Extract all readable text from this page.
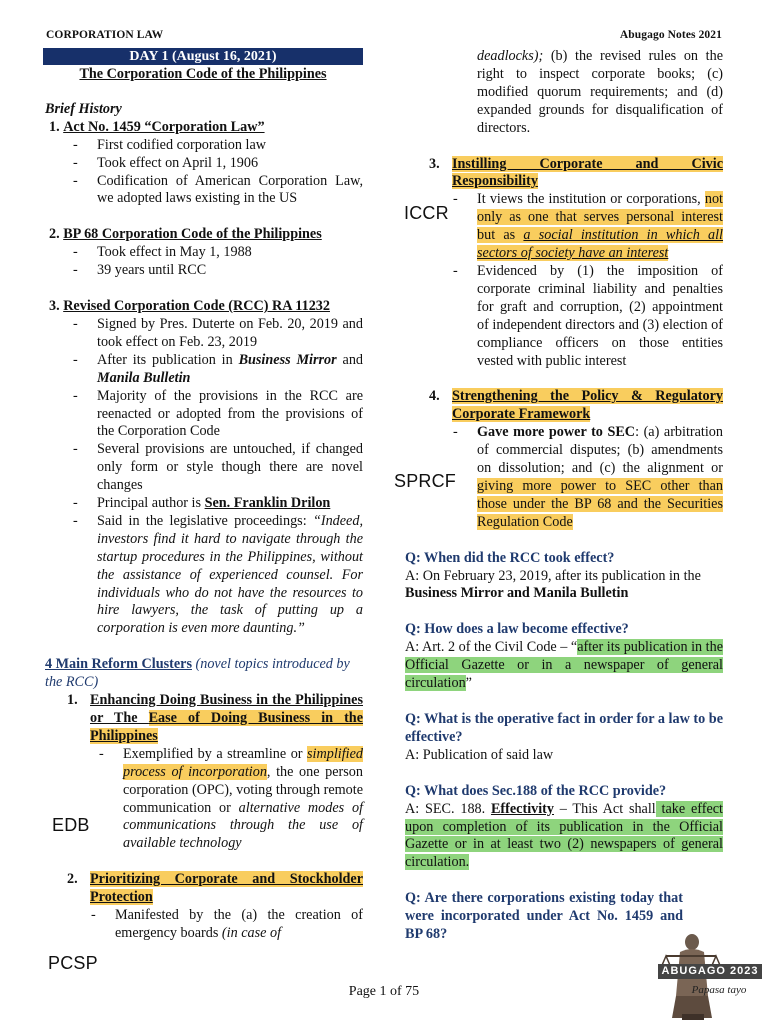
CORPORATION LAW	Abugago Notes 2021
DAY 1 (August 16, 2021)
The Corporation Code of the Philippines
Brief History
1. Act No. 1459 “Corporation Law”
- First codified corporation law
- Took effect on April 1, 1906
- Codification of American Corporation Law, we adopted laws existing in the US
2. BP 68 Corporation Code of the Philippines
- Took effect in May 1, 1988
- 39 years until RCC
3. Revised Corporation Code (RCC) RA 11232
- Signed by Pres. Duterte on Feb. 20, 2019 and took effect on Feb. 23, 2019
- After its publication in Business Mirror and Manila Bulletin
- Majority of the provisions in the RCC are reenacted or adopted from the provisions of the Corporation Code
- Several provisions are untouched, if changed only form or style though there are novel changes
- Principal author is Sen. Franklin Drilon
- Said in the legislative proceedings: “Indeed, investors find it hard to navigate through the startup procedures in the Philippines, without the assistance of experienced counsel. For individuals who do not have the resources to hire lawyers, the task of putting up a corporation is even more daunting.”
4 Main Reform Clusters (novel topics introduced by the RCC)
1. Enhancing Doing Business in the Philippines or The Ease of Doing Business in the Philippines
- Exemplified by a streamline or simplified process of incorporation, the one person corporation (OPC), voting through remote communication or alternative modes of communications through the use of available technology
2. Prioritizing Corporate and Stockholder Protection
- Manifested by the (a) the creation of emergency boards (in case of
EDB
PCSP
deadlocks); (b) the revised rules on the right to inspect corporate books; (c) modified quorum requirements; and (d) expanded grounds for disqualification of directors.
3. Instilling Corporate and Civic Responsibility
- It views the institution or corporations, not only as one that serves personal interest but as a social institution in which all sectors of society have an interest
- Evidenced by (1) the imposition of corporate criminal liability and penalties for graft and corruption, (2) appointment of independent directors and (3) election of compliance officers on those entities vested with public interest
4. Strengthening the Policy & Regulatory Corporate Framework
- Gave more power to SEC: (a) arbitration of commercial disputes; (b) amendments on dissolution; and (c) the alignment or giving more power to SEC other than those under the BP 68 and the Securities Regulation Code
Q: When did the RCC took effect?
A: On February 23, 2019, after its publication in the Business Mirror and Manila Bulletin
Q: How does a law become effective?
A: Art. 2 of the Civil Code – “after its publication in the Official Gazette or in a newspaper of general circulation”
Q: What is the operative fact in order for a law to be effective?
A: Publication of said law
Q: What does Sec.188 of the RCC provide?
A: SEC. 188. Effectivity – This Act shall take effect upon completion of its publication in the Official Gazette or in at least two (2) newspapers of general circulation.
Q: Are there corporations existing today that were incorporated under Act No. 1459 and BP 68?
ICCR
SPRCF
ABUGAGO 2023
Papasa tayo
Page 1 of 75
